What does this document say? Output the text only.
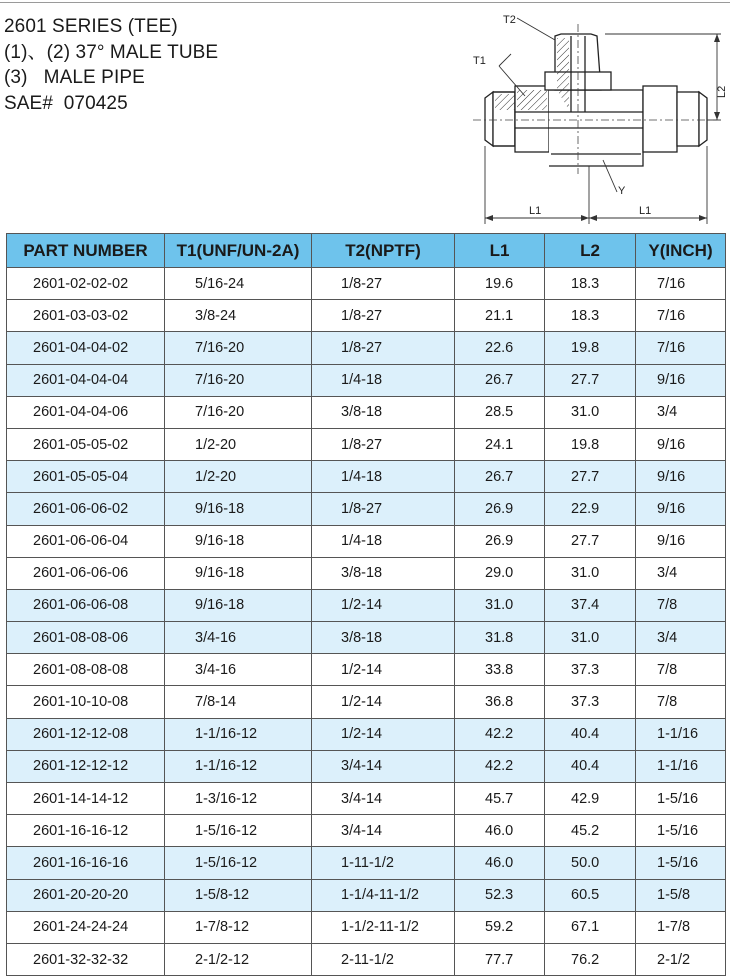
2601 SERIES (TEE)
(1)、(2) 37° MALE TUBE
(3)   MALE PIPE
SAE#  070425
T2
T1
L2
Y
L1	L1
PART NUMBER	T1(UNF/UN-2A)	T2(NPTF)	L1	L2	Y(INCH)
2601-02-02-02	5/16-24	1/8-27	19.6	18.3	7/16
2601-03-03-02	3/8-24	1/8-27	21.1	18.3	7/16
2601-04-04-02	7/16-20	1/8-27	22.6	19.8	7/16
2601-04-04-04	7/16-20	1/4-18	26.7	27.7	9/16
2601-04-04-06	7/16-20	3/8-18	28.5	31.0	3/4
2601-05-05-02	1/2-20	1/8-27	24.1	19.8	9/16
2601-05-05-04	1/2-20	1/4-18	26.7	27.7	9/16
2601-06-06-02	9/16-18	1/8-27	26.9	22.9	9/16
2601-06-06-04	9/16-18	1/4-18	26.9	27.7	9/16
2601-06-06-06	9/16-18	3/8-18	29.0	31.0	3/4
2601-06-06-08	9/16-18	1/2-14	31.0	37.4	7/8
2601-08-08-06	3/4-16	3/8-18	31.8	31.0	3/4
2601-08-08-08	3/4-16	1/2-14	33.8	37.3	7/8
2601-10-10-08	7/8-14	1/2-14	36.8	37.3	7/8
2601-12-12-08	1-1/16-12	1/2-14	42.2	40.4	1-1/16
2601-12-12-12	1-1/16-12	3/4-14	42.2	40.4	1-1/16
2601-14-14-12	1-3/16-12	3/4-14	45.7	42.9	1-5/16
2601-16-16-12	1-5/16-12	3/4-14	46.0	45.2	1-5/16
2601-16-16-16	1-5/16-12	1-11-1/2	46.0	50.0	1-5/16
2601-20-20-20	1-5/8-12	1-1/4-11-1/2	52.3	60.5	1-5/8
2601-24-24-24	1-7/8-12	1-1/2-11-1/2	59.2	67.1	1-7/8
2601-32-32-32	2-1/2-12	2-11-1/2	77.7	76.2	2-1/2
